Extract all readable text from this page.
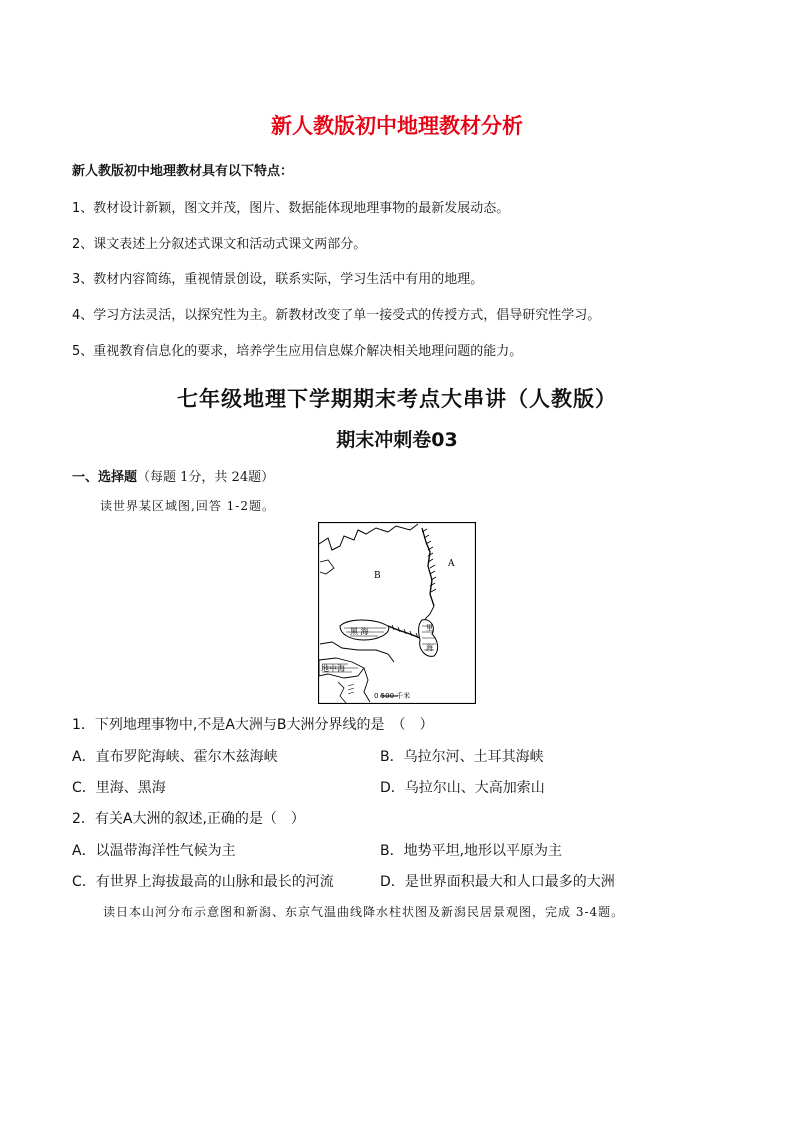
新人教版初中地理教材分析
新人教版初中地理教材具有以下特点：
1、教材设计新颖，图文并茂，图片、数据能体现地理事物的最新发展动态。
2、课文表述上分叙述式课文和活动式课文两部分。
3、教材内容简练，重视情景创设，联系实际，学习生活中有用的地理。
4、学习方法灵活，以探究性为主。新教材改变了单一接受式的传授方式，倡导研究性学习。
5、重视教育信息化的要求，培养学生应用信息媒介解决相关地理问题的能力。
七年级地理下学期期末考点大串讲（人教版）
期末冲刺卷03
一、选择题（每题 1分，共 24题）
读世界某区域图,回答 1-2题。
A
B
黑 海	里
海
地中海
0 500 千米
1．下列地理事物中,不是A大洲与B大洲分界线的是　（　）
A．直布罗陀海峡、霍尔木兹海峡	B．乌拉尔河、土耳其海峡
C．里海、黑海	D．乌拉尔山、大高加索山
2．有关A大洲的叙述,正确的是（　）
A．以温带海洋性气候为主	B．地势平坦,地形以平原为主
C．有世界上海拔最高的山脉和最长的河流	D．是世界面积最大和人口最多的大洲
读日本山河分布示意图和新潟、东京气温曲线降水柱状图及新潟民居景观图，完成 3-4题。
